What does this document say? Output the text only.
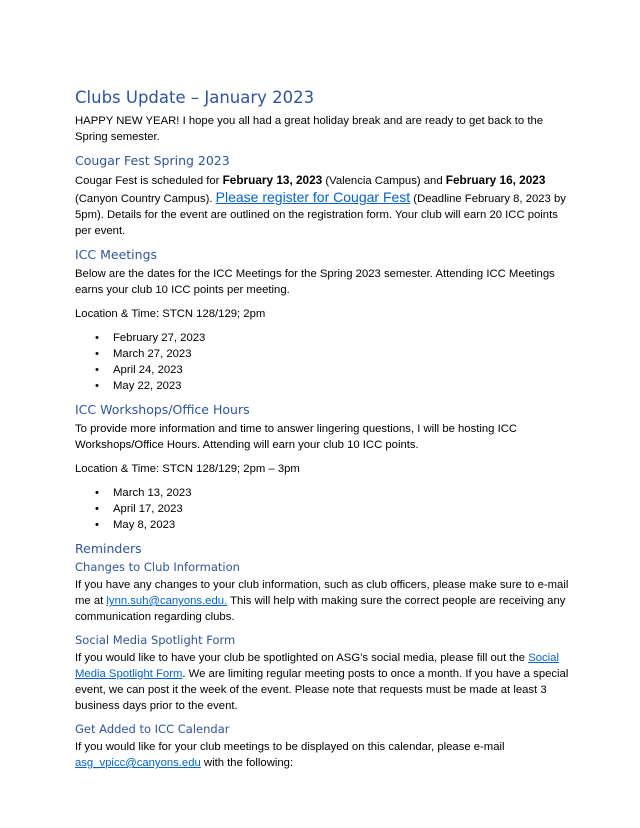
Clubs Update – January 2023

HAPPY NEW YEAR! I hope you all had a great holiday break and are ready to get back to the Spring semester.

Cougar Fest Spring 2023

Cougar Fest is scheduled for February 13, 2023 (Valencia Campus) and February 16, 2023 (Canyon Country Campus). Please register for Cougar Fest (Deadline February 8, 2023 by 5pm). Details for the event are outlined on the registration form. Your club will earn 20 ICC points per event.

ICC Meetings

Below are the dates for the ICC Meetings for the Spring 2023 semester. Attending ICC Meetings earns your club 10 ICC points per meeting.

Location & Time: STCN 128/129; 2pm

• February 27, 2023
• March 27, 2023
• April 24, 2023
• May 22, 2023
ICC Workshops/Office Hours

To provide more information and time to answer lingering questions, I will be hosting ICC Workshops/Office Hours. Attending will earn your club 10 ICC points.

Location & Time: STCN 128/129; 2pm – 3pm

• March 13, 2023
• April 17, 2023
• May 8, 2023
Reminders
Changes to Club Information

If you have any changes to your club information, such as club officers, please make sure to e-mail me at lynn.suh@canyons.edu. This will help with making sure the correct people are receiving any communication regarding clubs.

Social Media Spotlight Form

If you would like to have your club be spotlighted on ASG’s social media, please fill out the Social Media Spotlight Form. We are limiting regular meeting posts to once a month. If you have a special event, we can post it the week of the event. Please note that requests must be made at least 3 business days prior to the event.

Get Added to ICC Calendar

If you would like for your club meetings to be displayed on this calendar, please e-mail asg_vpicc@canyons.edu with the following:
